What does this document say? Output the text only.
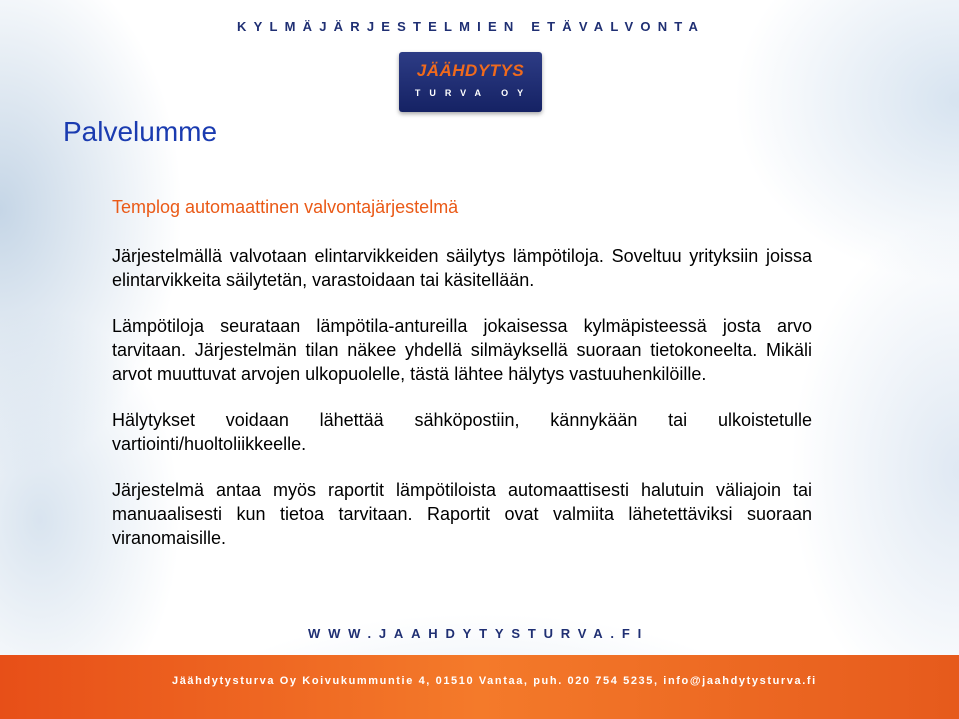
KYLMÄJÄRJESTELMIEN ETÄVALVONTA
JÄÄHDYTYS
TURVA OY
Palvelumme
Templog automaattinen valvontajärjestelmä

Järjestelmällä valvotaan elintarvikkeiden säilytys lämpötiloja. Soveltuu yrityksiin joissa elintarvikkeita säilytetän, varastoidaan tai käsitellään.

Lämpötiloja seurataan lämpötila-antureilla jokaisessa kylmäpisteessä josta arvo tarvitaan. Järjestelmän tilan näkee yhdellä silmäyksellä suoraan tietokoneelta. Mikäli arvot muuttuvat arvojen ulkopuolelle, tästä lähtee hälytys vastuuhenkilöille.

Hälytykset voidaan lähettää sähköpostiin, kännykään tai ulkoistetulle vartiointi/huoltoliikkeelle.

Järjestelmä antaa myös raportit lämpötiloista automaattisesti halutuin väliajoin tai manuaalisesti kun tietoa tarvitaan. Raportit ovat valmiita lähetettäviksi suoraan viranomaisille.

WWW.JAAHDYTYSTURVA.FI
Jäähdytysturva Oy Koivukummuntie 4, 01510 Vantaa, puh. 020 754 5235, info@jaahdytysturva.fi
